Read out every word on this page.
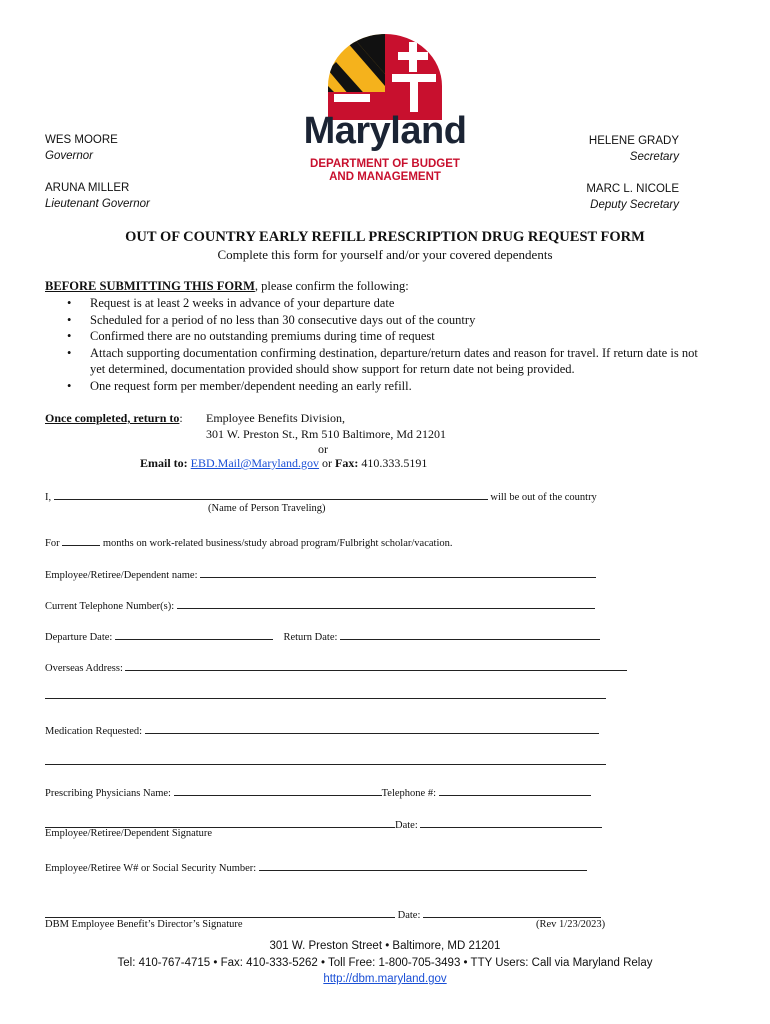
Maryland
DEPARTMENT OF BUDGET
AND MANAGEMENT
WES MOORE
Governor
ARUNA MILLER
Lieutenant Governor
HELENE GRADY
Secretary
MARC L. NICOLE
Deputy Secretary
OUT OF COUNTRY EARLY REFILL PRESCRIPTION DRUG REQUEST FORM
Complete this form for yourself and/or your covered dependents
BEFORE SUBMITTING THIS FORM, please confirm the following:
• Request is at least 2 weeks in advance of your departure date
• Scheduled for a period of no less than 30 consecutive days out of the country
• Confirmed there are no outstanding premiums during time of request
• Attach supporting documentation confirming destination, departure/return dates and reason for travel. If return date is not yet determined, documentation provided should show support for return date not being provided.
• One request form per member/dependent needing an early refill.
Once completed, return to: Employee Benefits Division,
301 W. Preston St., Rm 510 Baltimore, Md 21201
or
Email to: EBD.Mail@Maryland.gov or Fax: 410.333.5191
I,	will be out of the country
(Name of Person Traveling)
For	months on work-related business/study abroad program/Fulbright scholar/vacation.
Employee/Retiree/Dependent name:
Current Telephone Number(s):
Departure Date:	Return Date:
Overseas Address:
Medication Requested:
Prescribing Physicians Name:	Telephone #:
Date:
Employee/Retiree/Dependent Signature
Employee/Retiree W# or Social Security Number:
Date:
DBM Employee Benefit’s Director’s Signature	(Rev 1/23/2023)
301 W. Preston Street • Baltimore, MD 21201
Tel: 410-767-4715 • Fax: 410-333-5262 • Toll Free: 1-800-705-3493 • TTY Users: Call via Maryland Relay
http://dbm.maryland.gov
